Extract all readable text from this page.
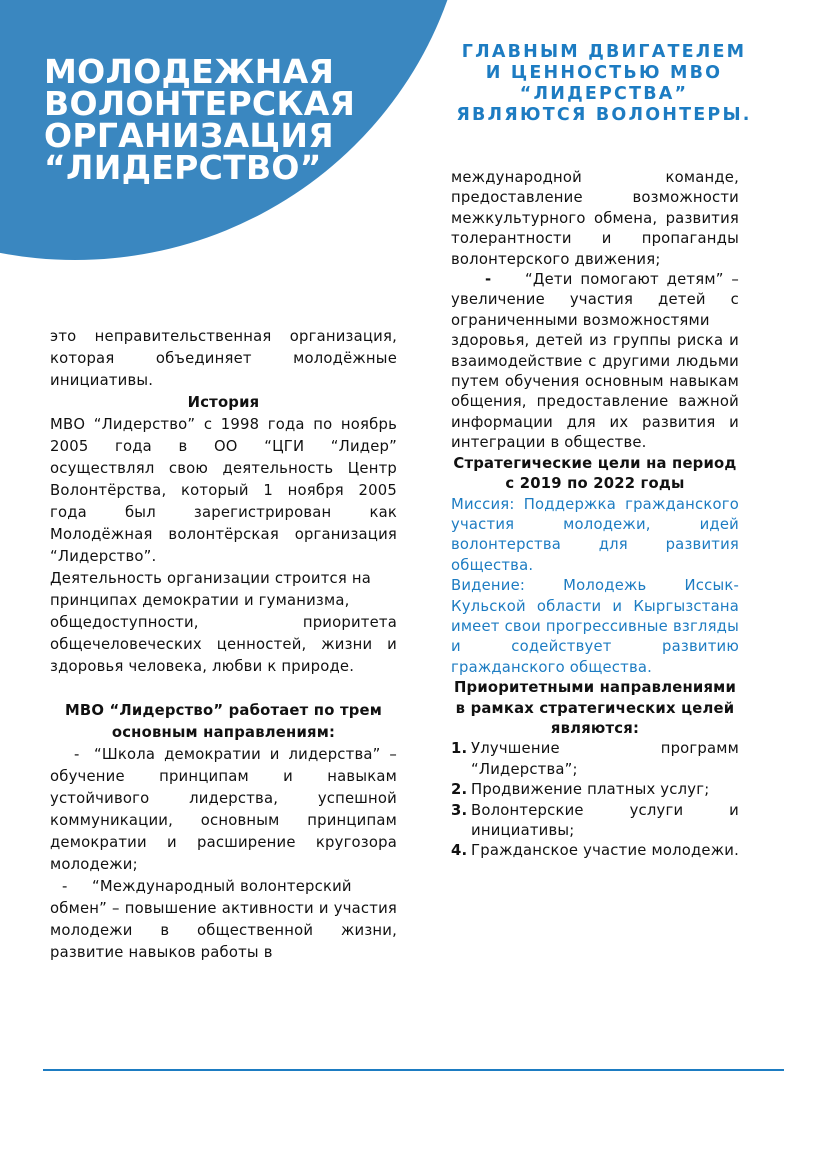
МОЛОДЕЖНАЯ
ВОЛОНТЕРСКАЯ
ОРГАНИЗАЦИЯ
“ЛИДЕРСТВО”
ГЛАВНЫМ ДВИГАТЕЛЕМ
И ЦЕННОСТЬЮ МВО
“ЛИДЕРСТВА”
ЯВЛЯЮТСЯ ВОЛОНТЕРЫ.

это неправительственная организация, которая объединяет молодёжные инициативы.

История

МВО “Лидерство” с 1998 года по ноябрь 2005 года в ОО “ЦГИ “Лидер” осуществлял свою деятельность Центр Волонтёрства, который 1 ноября 2005 года был зарегистрирован как Молодёжная волонтёрская организация “Лидерство”.

Деятельность организации строится на принципах демократии и гуманизма,

общедоступности, приоритета общечеловеческих ценностей, жизни и здоровья человека, любви к природе.

МВО “Лидерство” работает по трем основным направлениям:

- “Школа демократии и лидерства” – обучение принципам и навыкам устойчивого лидерства, успешной коммуникации, основным принципам демократии и расширение кругозора молодежи;

- “Международный волонтерский

обмен” – повышение активности и участия молодежи в общественной жизни, развитие навыков работы в

международной команде, предоставление возможности межкультурного обмена, развития толерантности и пропаганды волонтерского движения;

- “Дети помогают детям” – увеличение участия детей с ограниченными возможностями

здоровья, детей из группы риска и взаимодействие с другими людьми путем обучения основным навыкам общения, предоставление важной информации для их развития и интеграции в обществе.

Стратегические цели на период с 2019 по 2022 годы

Миссия: Поддержка гражданского участия молодежи, идей волонтерства для развития общества.

Видение: Молодежь Иссык-Кульской области и Кыргызстана имеет свои прогрессивные взгляды и содействует развитию гражданского общества.

Приоритетными направлениями в рамках стратегических целей являются:

1. Улучшение программ “Лидерства”;
2. Продвижение платных услуг;
3. Волонтерские услуги и инициативы;
4. Гражданское участие молодежи.
